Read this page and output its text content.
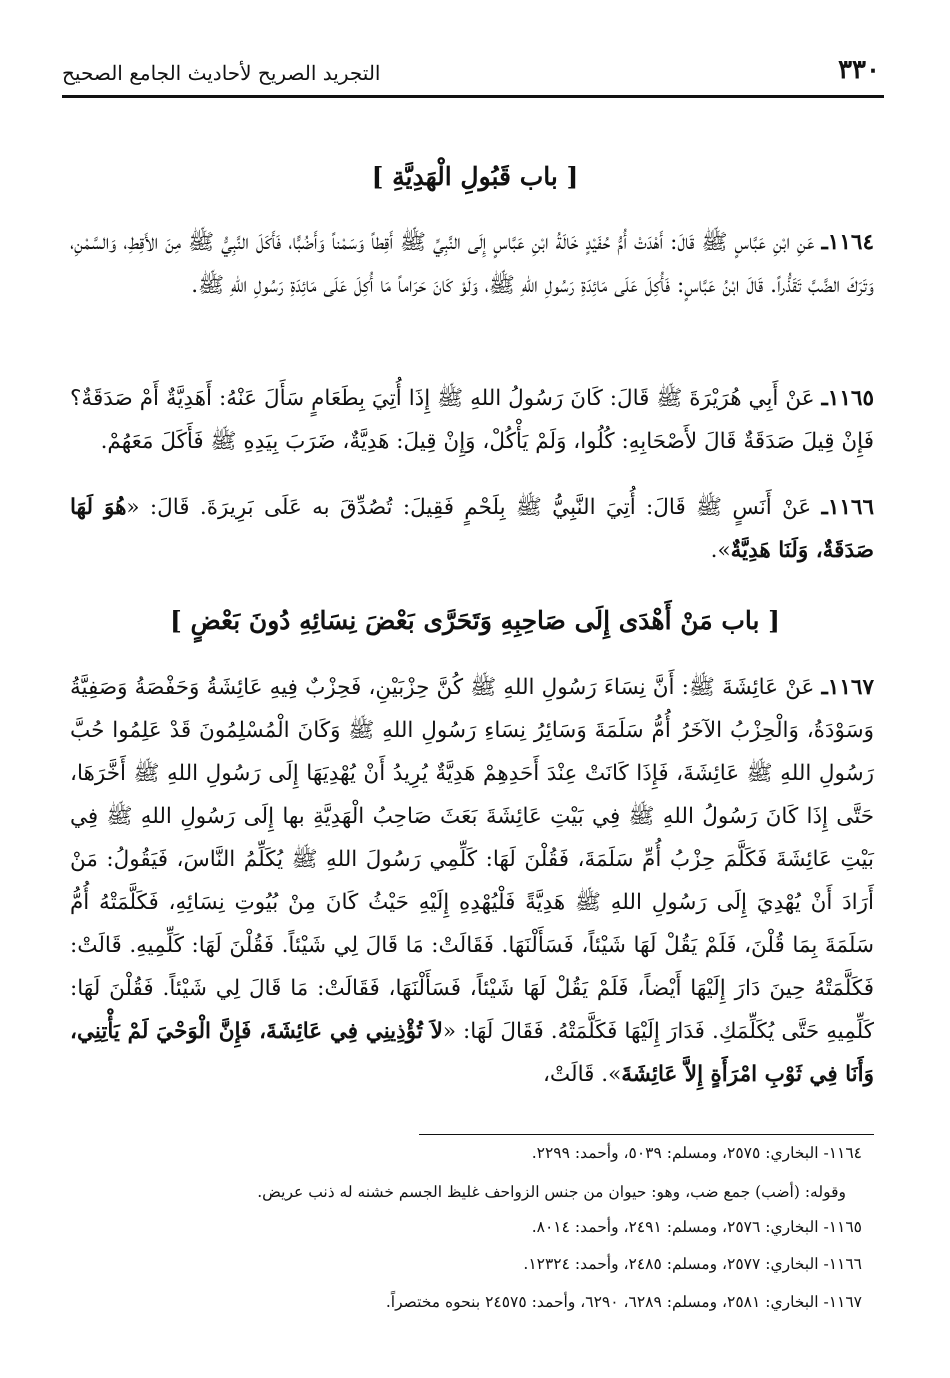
٣٣٠
التجريد الصريح لأحاديث الجامع الصحيح
[ باب قَبُولِ الْهَدِيَّةِ ]
١١٦٤ـ عَنِ ابْنِ عَبَّاسٍ ﷺ قَالَ: أَهْدَتْ أُمُّ حُفَيْدٍ خَالَةُ ابْنِ عَبَّاسٍ إِلَى النَّبِيِّ ﷺ أَقِطاً وَسَمْناً وَأَضُبًّا، فَأَكَلَ النَّبِيُّ ﷺ مِنَ الأَقِطِ، وَالسَّمْنِ، وَتَرَكَ الضَّبَّ تَقَذُّراً. قَالَ ابْنُ عَبَّاسٍ: فَأُكِلَ عَلَى مَائِدَةِ رَسُولِ اللهِ ﷺ، وَلَوْ كَانَ حَرَاماً مَا أُكِلَ عَلَى مَائِدَةِ رَسُولِ اللهِ ﷺ.
١١٦٥ـ عَنْ أَبِي هُرَيْرَةَ ﷺ قَالَ: كَانَ رَسُولُ اللهِ ﷺ إِذَا أُتِيَ بِطَعَامٍ سَأَلَ عَنْهُ: أَهَدِيَّةٌ أَمْ صَدَقَةٌ؟ فَإِنْ قِيلَ صَدَقَةٌ قَالَ لأَصْحَابِهِ: كُلُوا، وَلَمْ يَأْكُلْ، وَإِنْ قِيلَ: هَدِيَّةٌ، ضَرَبَ بِيَدِهِ ﷺ فَأَكَلَ مَعَهُمْ.
١١٦٦ـ عَنْ أَنَسٍ ﷺ قَالَ: أُتِيَ النَّبِيُّ ﷺ بِلَحْمٍ فَقِيلَ: تُصُدِّقَ به عَلَى بَرِيرَةَ. قَالَ: «هُوَ لَهَا صَدَقَةٌ، وَلَنَا هَدِيَّةٌ».
[ باب مَنْ أَهْدَى إِلَى صَاحِبِهِ وَتَحَرَّى بَعْضَ نِسَائِهِ دُونَ بَعْضٍ ]
١١٦٧ـ عَنْ عَائِشَةَ ﷺ: أَنَّ نِسَاءَ رَسُولِ اللهِ ﷺ كُنَّ حِزْبَيْنِ، فَحِزْبٌ فِيهِ عَائِشَةُ وَحَفْصَةُ وَصَفِيَّةُ وَسَوْدَةُ، وَالْحِزْبُ الآخَرُ أُمُّ سَلَمَةَ وَسَائِرُ نِسَاءِ رَسُولِ اللهِ ﷺ وَكَانَ الْمُسْلِمُونَ قَدْ عَلِمُوا حُبَّ رَسُولِ اللهِ ﷺ عَائِشَةَ، فَإِذَا كَانَتْ عِنْدَ أَحَدِهِمْ هَدِيَّةٌ يُرِيدُ أَنْ يُهْدِيَهَا إِلَى رَسُولِ اللهِ ﷺ أَخَّرَهَا، حَتَّى إِذَا كَانَ رَسُولُ اللهِ ﷺ فِي بَيْتِ عَائِشَةَ بَعَثَ صَاحِبُ الْهَدِيَّةِ بها إِلَى رَسُولِ اللهِ ﷺ فِي بَيْتِ عَائِشَةَ فَكَلَّمَ حِزْبُ أُمِّ سَلَمَةَ، فَقُلْنَ لَهَا: كَلِّمِي رَسُولَ اللهِ ﷺ يُكَلِّمُ النَّاسَ، فَيَقُولُ: مَنْ أَرَادَ أَنْ يُهْدِيَ إِلَى رَسُولِ اللهِ ﷺ هَدِيَّةً فَلْيُهْدِهِ إِلَيْهِ حَيْثُ كَانَ مِنْ بُيُوتِ نِسَائِهِ، فَكَلَّمَتْهُ أُمُّ سَلَمَةَ بِمَا قُلْنَ، فَلَمْ يَقُلْ لَهَا شَيْئاً، فَسَأَلْنَهَا. فَقَالَتْ: مَا قَالَ لِي شَيْئاً. فَقُلْنَ لَهَا: كَلِّمِيهِ. قَالَتْ: فَكَلَّمَتْهُ حِينَ دَارَ إِلَيْهَا أَيْضاً، فَلَمْ يَقُلْ لَهَا شَيْئاً، فَسَأَلْنَهَا، فَقَالَتْ: مَا قَالَ لِي شَيْئاً. فَقُلْنَ لَهَا: كَلِّمِيهِ حَتَّى يُكَلِّمَكِ. فَدَارَ إِلَيْهَا فَكَلَّمَتْهُ. فَقَالَ لَهَا: «لاَ تُؤْذِينِي فِي عَائِشَةَ، فَإِنَّ الْوَحْيَ لَمْ يَأْتِنِي، وَأَنَا فِي ثَوْبِ امْرَأَةٍ إِلاَّ عَائِشَةَ». قَالَتْ،
١١٦٤- البخاري: ٢٥٧٥، ومسلم: ٥٠٣٩، وأحمد: ٢٢٩٩.
وقوله: (أضب) جمع ضب، وهو: حيوان من جنس الزواحف غليظ الجسم خشنه له ذنب عريض.
١١٦٥- البخاري: ٢٥٧٦، ومسلم: ٢٤٩١، وأحمد: ٨٠١٤.
١١٦٦- البخاري: ٢٥٧٧، ومسلم: ٢٤٨٥، وأحمد: ١٢٣٢٤.
١١٦٧- البخاري: ٢٥٨١، ومسلم: ٦٢٨٩، ٦٢٩٠، وأحمد: ٢٤٥٧٥ بنحوه مختصراً.
